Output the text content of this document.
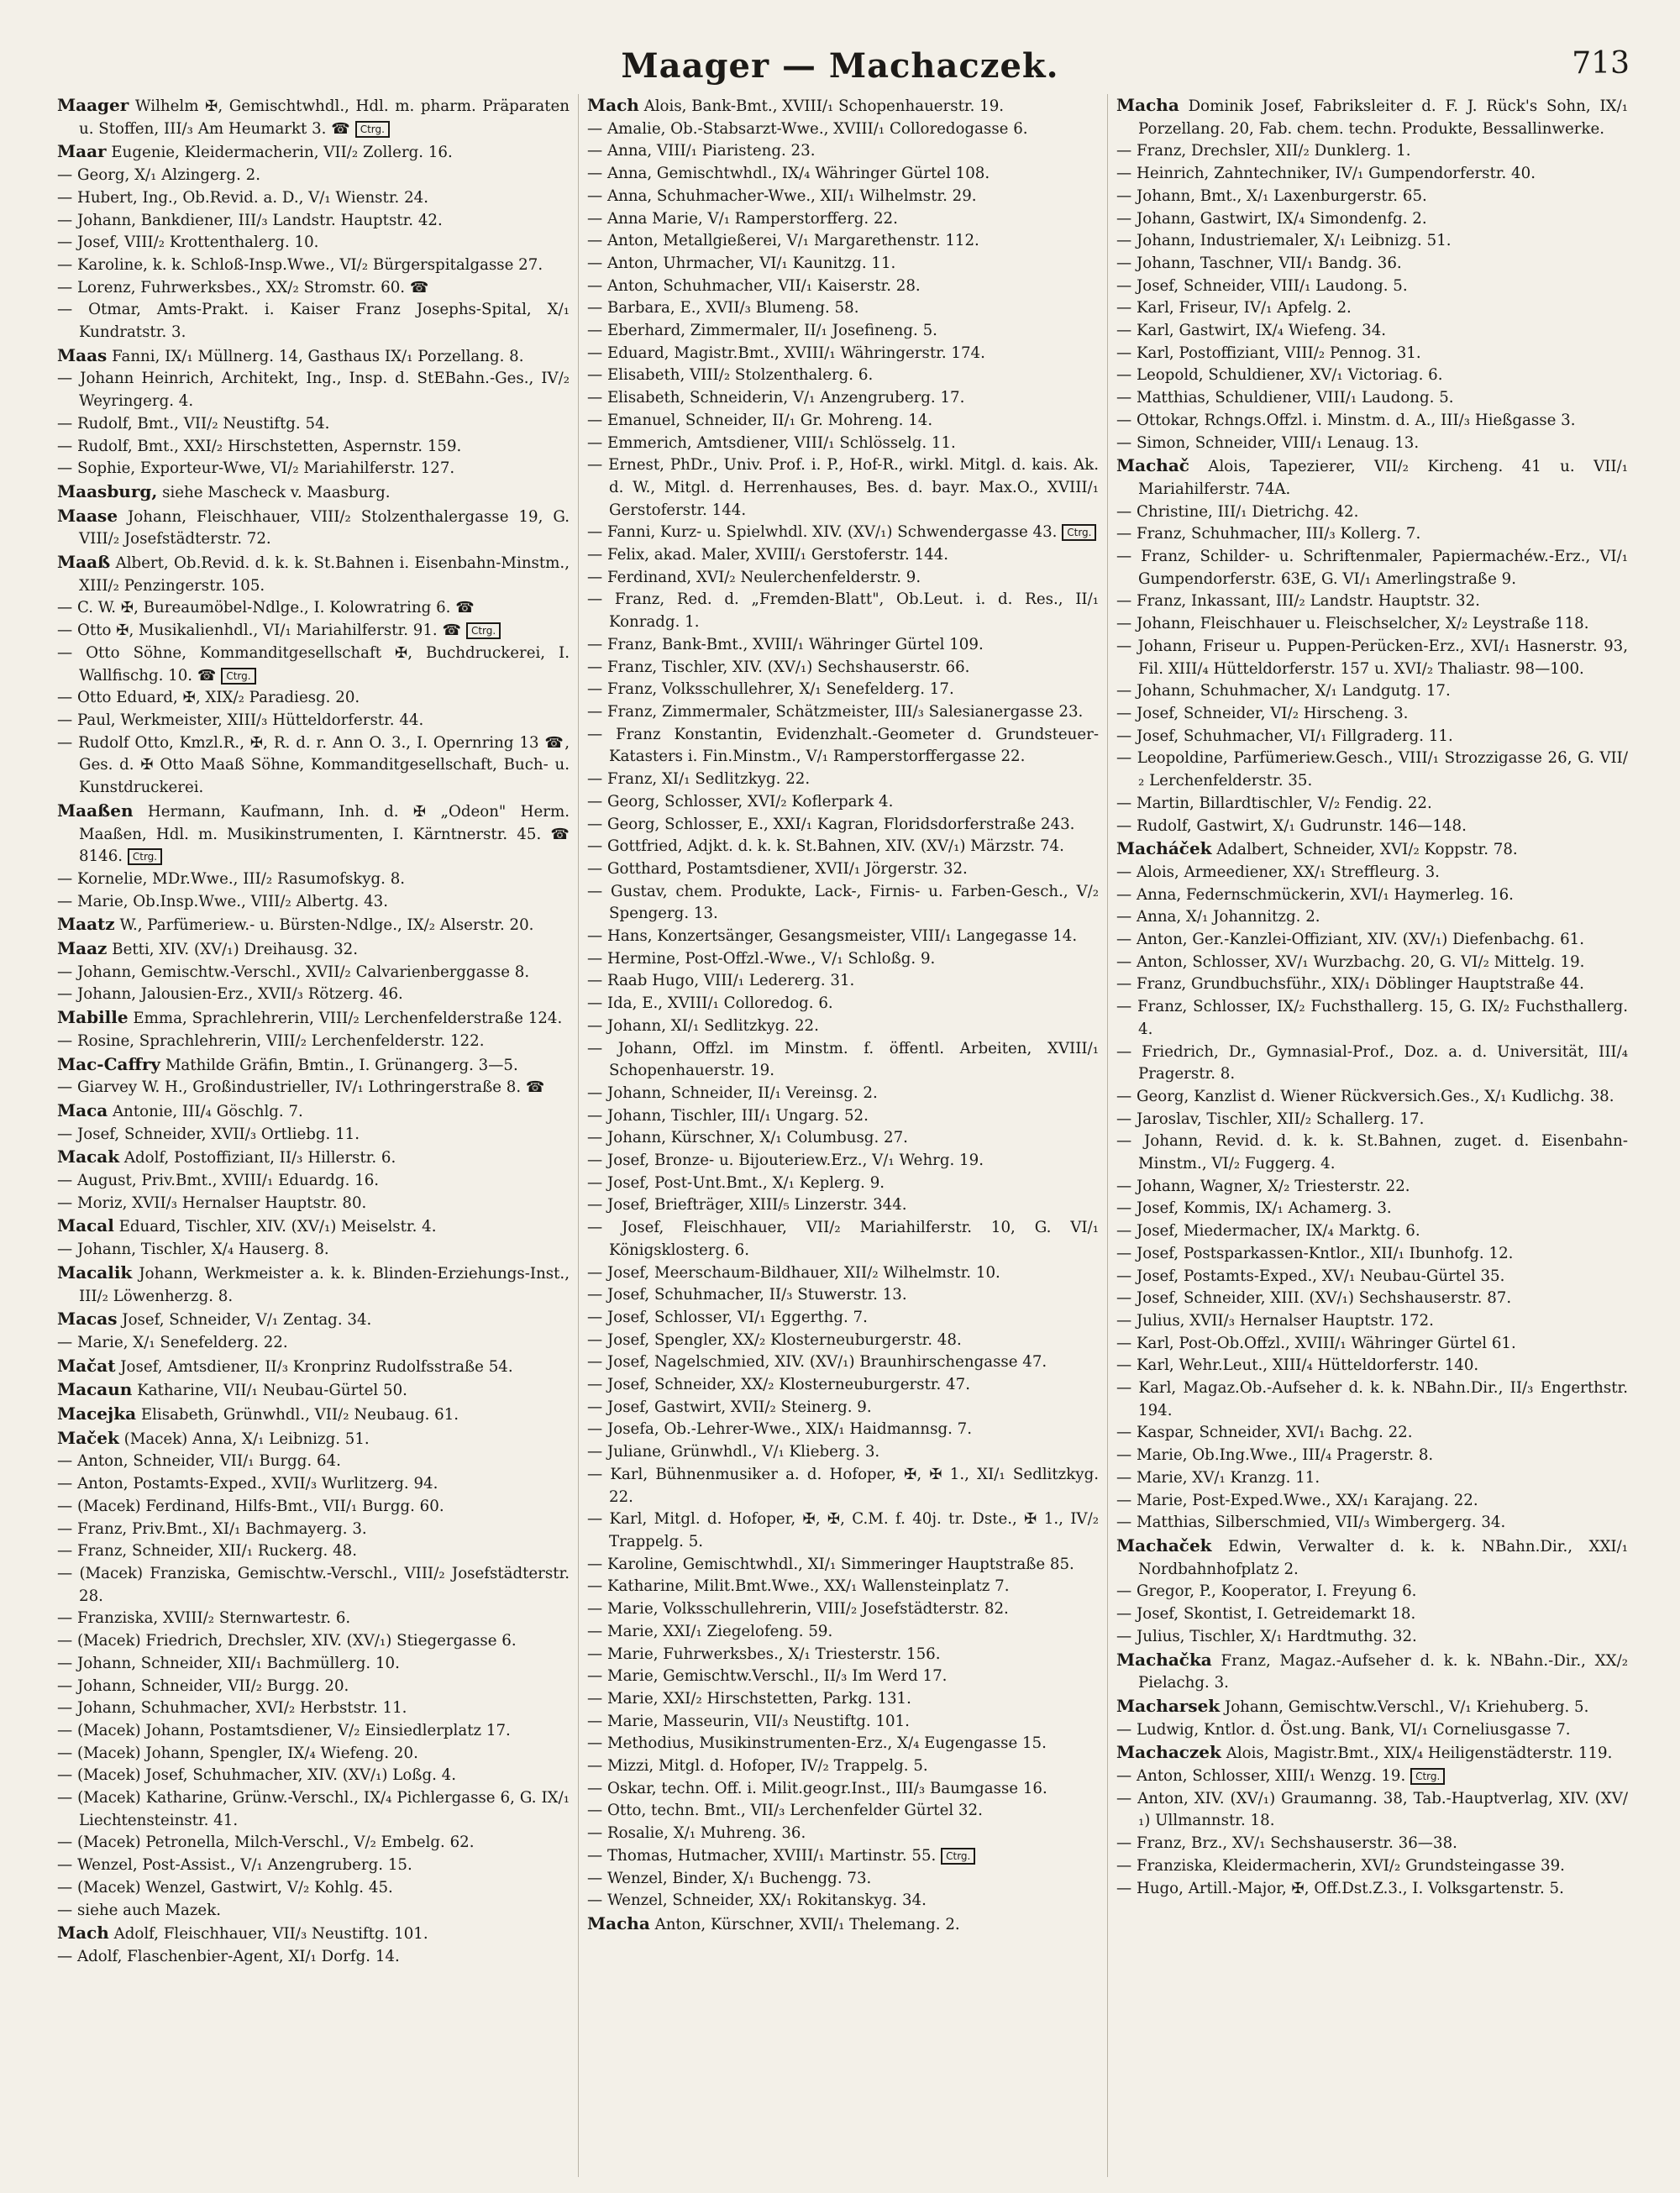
Maager — Machaczek.	713
Maager Wilhelm ✠, Gemischtwhdl., Hdl. m. pharm. Präparaten u. Stoffen, III/₃ Am Heumarkt 3. ☎ Ctrg.
Maar Eugenie, Kleidermacherin, VII/₂ Zollerg. 16.
— Georg, X/₁ Alzingerg. 2.
— Hubert, Ing., Ob.Revid. a. D., V/₁ Wienstr. 24.
— Johann, Bankdiener, III/₃ Landstr. Hauptstr. 42.
— Josef, VIII/₂ Krottenthalerg. 10.
— Karoline, k. k. Schloß-Insp.Wwe., VI/₂ Bürgerspitalgasse 27.
— Lorenz, Fuhrwerksbes., XX/₂ Stromstr. 60. ☎
— Otmar, Amts-Prakt. i. Kaiser Franz Josephs-Spital, X/₁ Kundratstr. 3.
Maas Fanni, IX/₁ Müllnerg. 14, Gasthaus IX/₁ Porzellang. 8.
— Johann Heinrich, Architekt, Ing., Insp. d. StEBahn.-Ges., IV/₂ Weyringerg. 4.
— Rudolf, Bmt., VII/₂ Neustiftg. 54.
— Rudolf, Bmt., XXI/₂ Hirschstetten, Aspernstr. 159.
— Sophie, Exporteur-Wwe, VI/₂ Mariahilferstr. 127.
Maasburg, siehe Mascheck v. Maasburg.
Maase Johann, Fleischhauer, VIII/₂ Stolzenthalergasse 19, G. VIII/₂ Josefstädterstr. 72.
Maaß Albert, Ob.Revid. d. k. k. St.Bahnen i. Eisenbahn-Minstm., XIII/₂ Penzingerstr. 105.
— C. W. ✠, Bureaumöbel-Ndlge., I. Kolowratring 6. ☎
— Otto ✠, Musikalienhdl., VI/₁ Mariahilferstr. 91. ☎ Ctrg.
— Otto Söhne, Kommanditgesellschaft ✠, Buchdruckerei, I. Wallfischg. 10. ☎ Ctrg.
— Otto Eduard, ✠, XIX/₂ Paradiesg. 20.
— Paul, Werkmeister, XIII/₃ Hütteldorferstr. 44.
— Rudolf Otto, Kmzl.R., ✠, R. d. r. Ann O. 3., I. Opernring 13 ☎, Ges. d. ✠ Otto Maaß Söhne, Kommanditgesellschaft, Buch- u. Kunstdruckerei.
Maaßen Hermann, Kaufmann, Inh. d. ✠ „Odeon" Herm. Maaßen, Hdl. m. Musikinstrumenten, I. Kärntnerstr. 45. ☎ 8146. Ctrg.
— Kornelie, MDr.Wwe., III/₂ Rasumofskyg. 8.
— Marie, Ob.Insp.Wwe., VIII/₂ Albertg. 43.
Maatz W., Parfümeriew.- u. Bürsten-Ndlge., IX/₂ Alserstr. 20.
Maaz Betti, XIV. (XV/₁) Dreihausg. 32.
— Johann, Gemischtw.-Verschl., XVII/₂ Calvarienberggasse 8.
— Johann, Jalousien-Erz., XVII/₃ Rötzerg. 46.
Mabille Emma, Sprachlehrerin, VIII/₂ Lerchenfelderstraße 124.
— Rosine, Sprachlehrerin, VIII/₂ Lerchenfelderstr. 122.
Mac-Caffry Mathilde Gräfin, Bmtin., I. Grünangerg. 3—5.
— Giarvey W. H., Großindustrieller, IV/₁ Lothringerstraße 8. ☎
Maca Antonie, III/₄ Göschlg. 7.
— Josef, Schneider, XVII/₃ Ortliebg. 11.
Macak Adolf, Postoffiziant, II/₃ Hillerstr. 6.
— August, Priv.Bmt., XVIII/₁ Eduardg. 16.
— Moriz, XVII/₃ Hernalser Hauptstr. 80.
Macal Eduard, Tischler, XIV. (XV/₁) Meiselstr. 4.
— Johann, Tischler, X/₄ Hauserg. 8.
Macalik Johann, Werkmeister a. k. k. Blinden-Erziehungs-Inst., III/₂ Löwenherzg. 8.
Macas Josef, Schneider, V/₁ Zentag. 34.
— Marie, X/₁ Senefelderg. 22.
Mačat Josef, Amtsdiener, II/₃ Kronprinz Rudolfsstraße 54.
Macaun Katharine, VII/₁ Neubau-Gürtel 50.
Macejka Elisabeth, Grünwhdl., VII/₂ Neubaug. 61.
Maček (Macek) Anna, X/₁ Leibnizg. 51.
— Anton, Schneider, VII/₁ Burgg. 64.
— Anton, Postamts-Exped., XVII/₃ Wurlitzerg. 94.
— (Macek) Ferdinand, Hilfs-Bmt., VII/₁ Burgg. 60.
— Franz, Priv.Bmt., XI/₁ Bachmayerg. 3.
— Franz, Schneider, XII/₁ Ruckerg. 48.
— (Macek) Franziska, Gemischtw.-Verschl., VIII/₂ Josefstädterstr. 28.
— Franziska, XVIII/₂ Sternwartestr. 6.
— (Macek) Friedrich, Drechsler, XIV. (XV/₁) Stiegergasse 6.
— Johann, Schneider, XII/₁ Bachmüllerg. 10.
— Johann, Schneider, VII/₂ Burgg. 20.
— Johann, Schuhmacher, XVI/₂ Herbststr. 11.
— (Macek) Johann, Postamtsdiener, V/₂ Einsiedlerplatz 17.
— (Macek) Johann, Spengler, IX/₄ Wiefeng. 20.
— (Macek) Josef, Schuhmacher, XIV. (XV/₁) Loßg. 4.
— (Macek) Katharine, Grünw.-Verschl., IX/₄ Pichlergasse 6, G. IX/₁ Liechtensteinstr. 41.
— (Macek) Petronella, Milch-Verschl., V/₂ Embelg. 62.
— Wenzel, Post-Assist., V/₁ Anzengruberg. 15.
— (Macek) Wenzel, Gastwirt, V/₂ Kohlg. 45.
— siehe auch Mazek.
Mach Adolf, Fleischhauer, VII/₃ Neustiftg. 101.
— Adolf, Flaschenbier-Agent, XI/₁ Dorfg. 14.
Mach Alois, Bank-Bmt., XVIII/₁ Schopenhauerstr. 19.
— Amalie, Ob.-Stabsarzt-Wwe., XVIII/₁ Colloredogasse 6.
— Anna, VIII/₁ Piaristeng. 23.
— Anna, Gemischtwhdl., IX/₄ Währinger Gürtel 108.
— Anna, Schuhmacher-Wwe., XII/₁ Wilhelmstr. 29.
— Anna Marie, V/₁ Ramperstorfferg. 22.
— Anton, Metallgießerei, V/₁ Margarethenstr. 112.
— Anton, Uhrmacher, VI/₁ Kaunitzg. 11.
— Anton, Schuhmacher, VII/₁ Kaiserstr. 28.
— Barbara, E., XVII/₃ Blumeng. 58.
— Eberhard, Zimmermaler, II/₁ Josefineng. 5.
— Eduard, Magistr.Bmt., XVIII/₁ Währingerstr. 174.
— Elisabeth, VIII/₂ Stolzenthalerg. 6.
— Elisabeth, Schneiderin, V/₁ Anzengruberg. 17.
— Emanuel, Schneider, II/₁ Gr. Mohreng. 14.
— Emmerich, Amtsdiener, VIII/₁ Schlösselg. 11.
— Ernest, PhDr., Univ. Prof. i. P., Hof-R., wirkl. Mitgl. d. kais. Ak. d. W., Mitgl. d. Herrenhauses, Bes. d. bayr. Max.O., XVIII/₁ Gerstoferstr. 144.
— Fanni, Kurz- u. Spielwhdl. XIV. (XV/₁) Schwendergasse 43. Ctrg.
— Felix, akad. Maler, XVIII/₁ Gerstoferstr. 144.
— Ferdinand, XVI/₂ Neulerchenfelderstr. 9.
— Franz, Red. d. „Fremden-Blatt", Ob.Leut. i. d. Res., II/₁ Konradg. 1.
— Franz, Bank-Bmt., XVIII/₁ Währinger Gürtel 109.
— Franz, Tischler, XIV. (XV/₁) Sechshauserstr. 66.
— Franz, Volksschullehrer, X/₁ Senefelderg. 17.
— Franz, Zimmermaler, Schätzmeister, III/₃ Salesianergasse 23.
— Franz Konstantin, Evidenzhalt.-Geometer d. Grundsteuer-Katasters i. Fin.Minstm., V/₁ Ramperstorffergasse 22.
— Franz, XI/₁ Sedlitzkyg. 22.
— Georg, Schlosser, XVI/₂ Koflerpark 4.
— Georg, Schlosser, E., XXI/₁ Kagran, Floridsdorferstraße 243.
— Gottfried, Adjkt. d. k. k. St.Bahnen, XIV. (XV/₁) Märzstr. 74.
— Gotthard, Postamtsdiener, XVII/₁ Jörgerstr. 32.
— Gustav, chem. Produkte, Lack-, Firnis- u. Farben-Gesch., V/₂ Spengerg. 13.
— Hans, Konzertsänger, Gesangsmeister, VIII/₁ Langegasse 14.
— Hermine, Post-Offzl.-Wwe., V/₁ Schloßg. 9.
— Raab Hugo, VIII/₁ Ledererg. 31.
— Ida, E., XVIII/₁ Colloredog. 6.
— Johann, XI/₁ Sedlitzkyg. 22.
— Johann, Offzl. im Minstm. f. öffentl. Arbeiten, XVIII/₁ Schopenhauerstr. 19.
— Johann, Schneider, II/₁ Vereinsg. 2.
— Johann, Tischler, III/₁ Ungarg. 52.
— Johann, Kürschner, X/₁ Columbusg. 27.
— Josef, Bronze- u. Bijouteriew.Erz., V/₁ Wehrg. 19.
— Josef, Post-Unt.Bmt., X/₁ Keplerg. 9.
— Josef, Briefträger, XIII/₅ Linzerstr. 344.
— Josef, Fleischhauer, VII/₂ Mariahilferstr. 10, G. VI/₁ Königsklosterg. 6.
— Josef, Meerschaum-Bildhauer, XII/₂ Wilhelmstr. 10.
— Josef, Schuhmacher, II/₃ Stuwerstr. 13.
— Josef, Schlosser, VI/₁ Eggerthg. 7.
— Josef, Spengler, XX/₂ Klosterneuburgerstr. 48.
— Josef, Nagelschmied, XIV. (XV/₁) Braunhirschengasse 47.
— Josef, Schneider, XX/₂ Klosterneuburgerstr. 47.
— Josef, Gastwirt, XVII/₂ Steinerg. 9.
— Josefa, Ob.-Lehrer-Wwe., XIX/₁ Haidmannsg. 7.
— Juliane, Grünwhdl., V/₁ Klieberg. 3.
— Karl, Bühnenmusiker a. d. Hofoper, ✠, ✠ 1., XI/₁ Sedlitzkyg. 22.
— Karl, Mitgl. d. Hofoper, ✠, ✠, C.M. f. 40j. tr. Dste., ✠ 1., IV/₂ Trappelg. 5.
— Karoline, Gemischtwhdl., XI/₁ Simmeringer Hauptstraße 85.
— Katharine, Milit.Bmt.Wwe., XX/₁ Wallensteinplatz 7.
— Marie, Volksschullehrerin, VIII/₂ Josefstädterstr. 82.
— Marie, XXI/₁ Ziegelofeng. 59.
— Marie, Fuhrwerksbes., X/₁ Triesterstr. 156.
— Marie, Gemischtw.Verschl., II/₃ Im Werd 17.
— Marie, XXI/₂ Hirschstetten, Parkg. 131.
— Marie, Masseurin, VII/₃ Neustiftg. 101.
— Methodius, Musikinstrumenten-Erz., X/₄ Eugengasse 15.
— Mizzi, Mitgl. d. Hofoper, IV/₂ Trappelg. 5.
— Oskar, techn. Off. i. Milit.geogr.Inst., III/₃ Baumgasse 16.
— Otto, techn. Bmt., VII/₃ Lerchenfelder Gürtel 32.
— Rosalie, X/₁ Muhreng. 36.
— Thomas, Hutmacher, XVIII/₁ Martinstr. 55. Ctrg.
— Wenzel, Binder, X/₁ Buchengg. 73.
— Wenzel, Schneider, XX/₁ Rokitanskyg. 34.
Macha Anton, Kürschner, XVII/₁ Thelemang. 2.
Macha Dominik Josef, Fabriksleiter d. F. J. Rück's Sohn, IX/₁ Porzellang. 20, Fab. chem. techn. Produkte, Bessallinwerke.
— Franz, Drechsler, XII/₂ Dunklerg. 1.
— Heinrich, Zahntechniker, IV/₁ Gumpendorferstr. 40.
— Johann, Bmt., X/₁ Laxenburgerstr. 65.
— Johann, Gastwirt, IX/₄ Simondenfg. 2.
— Johann, Industriemaler, X/₁ Leibnizg. 51.
— Johann, Taschner, VII/₁ Bandg. 36.
— Josef, Schneider, VIII/₁ Laudong. 5.
— Karl, Friseur, IV/₁ Apfelg. 2.
— Karl, Gastwirt, IX/₄ Wiefeng. 34.
— Karl, Postoffiziant, VIII/₂ Pennog. 31.
— Leopold, Schuldiener, XV/₁ Victoriag. 6.
— Matthias, Schuldiener, VIII/₁ Laudong. 5.
— Ottokar, Rchngs.Offzl. i. Minstm. d. A., III/₃ Hießgasse 3.
— Simon, Schneider, VIII/₁ Lenaug. 13.
Machač Alois, Tapezierer, VII/₂ Kircheng. 41 u. VII/₁ Mariahilferstr. 74A.
— Christine, III/₁ Dietrichg. 42.
— Franz, Schuhmacher, III/₃ Kollerg. 7.
— Franz, Schilder- u. Schriftenmaler, Papiermachéw.-Erz., VI/₁ Gumpendorferstr. 63E, G. VI/₁ Amerlingstraße 9.
— Franz, Inkassant, III/₂ Landstr. Hauptstr. 32.
— Johann, Fleischhauer u. Fleischselcher, X/₂ Leystraße 118.
— Johann, Friseur u. Puppen-Perücken-Erz., XVI/₁ Hasnerstr. 93, Fil. XIII/₄ Hütteldorferstr. 157 u. XVI/₂ Thaliastr. 98—100.
— Johann, Schuhmacher, X/₁ Landgutg. 17.
— Josef, Schneider, VI/₂ Hirscheng. 3.
— Josef, Schuhmacher, VI/₁ Fillgraderg. 11.
— Leopoldine, Parfümeriew.Gesch., VIII/₁ Strozzigasse 26, G. VII/₂ Lerchenfelderstr. 35.
— Martin, Billardtischler, V/₂ Fendig. 22.
— Rudolf, Gastwirt, X/₁ Gudrunstr. 146—148.
Macháček Adalbert, Schneider, XVI/₂ Koppstr. 78.
— Alois, Armeediener, XX/₁ Streffleurg. 3.
— Anna, Federnschmückerin, XVI/₁ Haymerleg. 16.
— Anna, X/₁ Johannitzg. 2.
— Anton, Ger.-Kanzlei-Offiziant, XIV. (XV/₁) Diefenbachg. 61.
— Anton, Schlosser, XV/₁ Wurzbachg. 20, G. VI/₂ Mittelg. 19.
— Franz, Grundbuchsführ., XIX/₁ Döblinger Hauptstraße 44.
— Franz, Schlosser, IX/₂ Fuchsthallerg. 15, G. IX/₂ Fuchsthallerg. 4.
— Friedrich, Dr., Gymnasial-Prof., Doz. a. d. Universität, III/₄ Pragerstr. 8.
— Georg, Kanzlist d. Wiener Rückversich.Ges., X/₁ Kudlichg. 38.
— Jaroslav, Tischler, XII/₂ Schallerg. 17.
— Johann, Revid. d. k. k. St.Bahnen, zuget. d. Eisenbahn-Minstm., VI/₂ Fuggerg. 4.
— Johann, Wagner, X/₂ Triesterstr. 22.
— Josef, Kommis, IX/₁ Achamerg. 3.
— Josef, Miedermacher, IX/₄ Marktg. 6.
— Josef, Postsparkassen-Kntlor., XII/₁ Ibunhofg. 12.
— Josef, Postamts-Exped., XV/₁ Neubau-Gürtel 35.
— Josef, Schneider, XIII. (XV/₁) Sechshauserstr. 87.
— Julius, XVII/₃ Hernalser Hauptstr. 172.
— Karl, Post-Ob.Offzl., XVIII/₁ Währinger Gürtel 61.
— Karl, Wehr.Leut., XIII/₄ Hütteldorferstr. 140.
— Karl, Magaz.Ob.-Aufseher d. k. k. NBahn.Dir., II/₃ Engerthstr. 194.
— Kaspar, Schneider, XVI/₁ Bachg. 22.
— Marie, Ob.Ing.Wwe., III/₄ Pragerstr. 8.
— Marie, XV/₁ Kranzg. 11.
— Marie, Post-Exped.Wwe., XX/₁ Karajang. 22.
— Matthias, Silberschmied, VII/₃ Wimbergerg. 34.
Machaček Edwin, Verwalter d. k. k. NBahn.Dir., XXI/₁ Nordbahnhofplatz 2.
— Gregor, P., Kooperator, I. Freyung 6.
— Josef, Skontist, I. Getreidemarkt 18.
— Julius, Tischler, X/₁ Hardtmuthg. 32.
Machačka Franz, Magaz.-Aufseher d. k. k. NBahn.-Dir., XX/₂ Pielachg. 3.
Macharsek Johann, Gemischtw.Verschl., V/₁ Kriehuberg. 5.
— Ludwig, Kntlor. d. Öst.ung. Bank, VI/₁ Corneliusgasse 7.
Machaczek Alois, Magistr.Bmt., XIX/₄ Heiligenstädterstr. 119.
— Anton, Schlosser, XIII/₁ Wenzg. 19. Ctrg.
— Anton, XIV. (XV/₁) Graumanng. 38, Tab.-Hauptverlag, XIV. (XV/₁) Ullmannstr. 18.
— Franz, Brz., XV/₁ Sechshauserstr. 36—38.
— Franziska, Kleidermacherin, XVI/₂ Grundsteingasse 39.
— Hugo, Artill.-Major, ✠, Off.Dst.Z.3., I. Volksgartenstr. 5.
